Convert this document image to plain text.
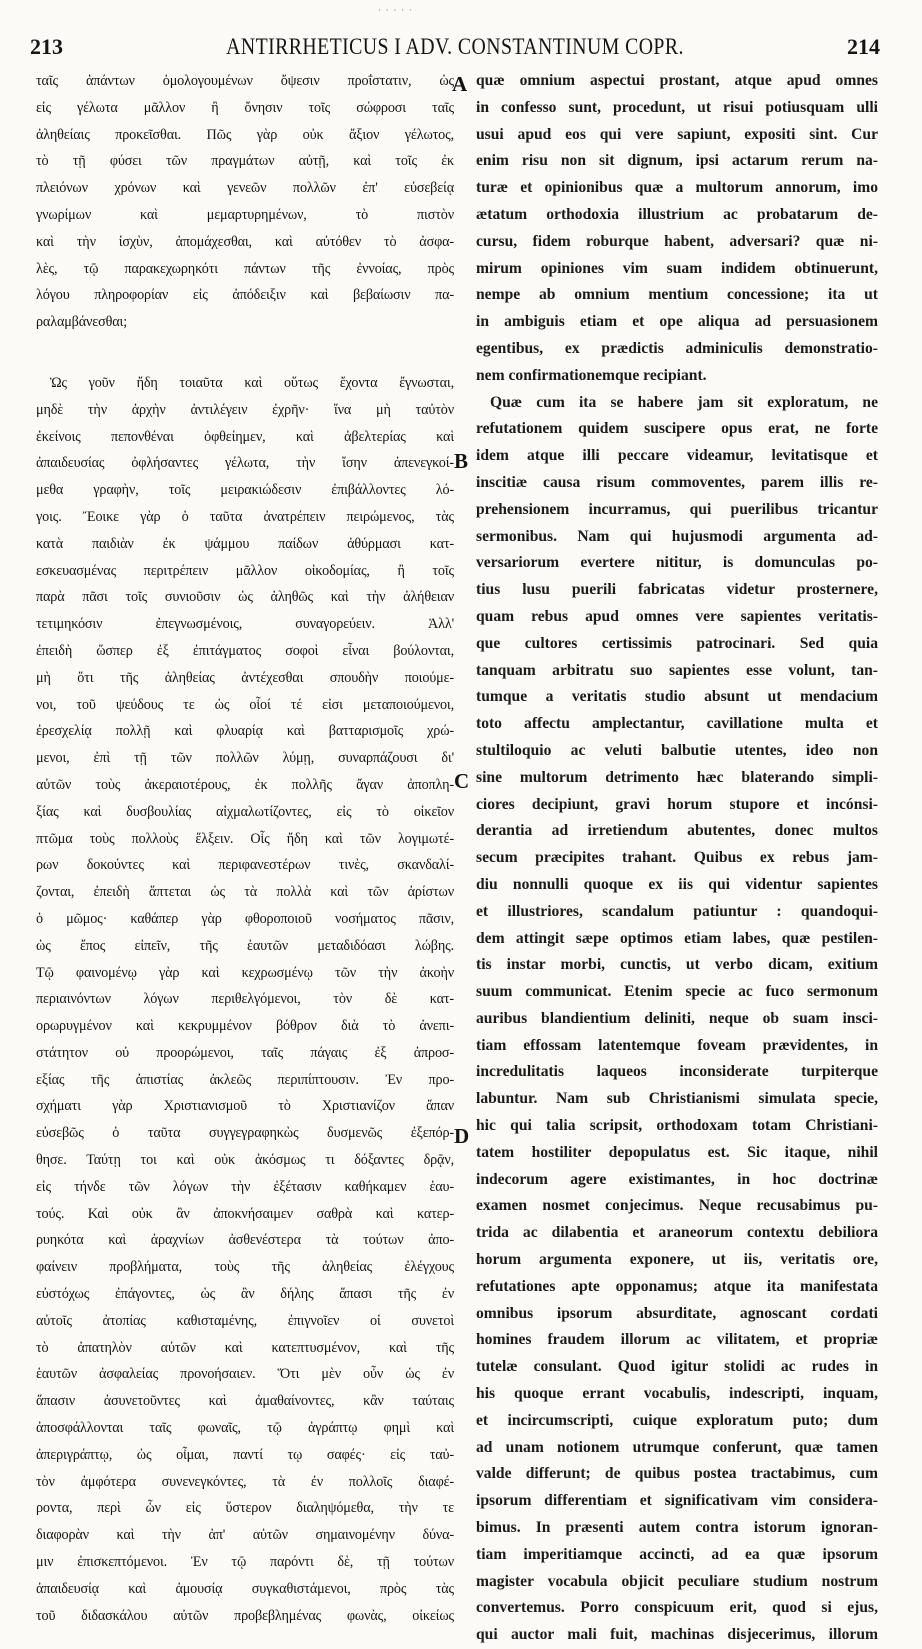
· · · · ·
213	ANTIRRHETICUS I ADV. CONSTANTINUM COPR.	214
ταῖς ἁπάντων ὁμολογουμένων ὄψεσιν προΐστατιν, ὡς
εἰς γέλωτα μᾶλλον ἢ ὄνησιν τοῖς σώφροσι ταῖς
ἀληθείαις προκεῖσθαι. Πῶς γὰρ οὐκ ἄξιον γέλωτος,
τὸ τῇ φύσει τῶν πραγμάτων αὐτῇ, καὶ τοῖς ἐκ
πλειόνων χρόνων καὶ γενεῶν πολλῶν ἐπ' εὐσεβείᾳ
γνωρίμων καὶ μεμαρτυρημένων, τὸ πιστὸν
καὶ τὴν ἰσχὺν, ἀπομάχεσθαι, καὶ αὐτόθεν τὸ ἀσφα-
λὲς, τῷ παρακεχωρηκότι πάντων τῆς ἐννοίας, πρὸς
λόγου πληροφορίαν εἰς ἀπόδειξιν καὶ βεβαίωσιν πα-
ραλαμβάνεσθαι;
Ὡς γοῦν ἤδη τοιαῦτα καὶ οὕτως ἔχοντα ἔγνωσται,
μηδὲ τὴν ἀρχὴν ἀντιλέγειν ἐχρῆν· ἵνα μὴ ταὐτὸν
ἐκείνοις πεπονθέναι ὀφθείημεν, καὶ ἀβελτερίας καὶ
ἀπαιδευσίας ὀφλήσαντες γέλωτα, τὴν ἴσην ἀπενεγκοί-
μεθα γραφὴν, τοῖς μειρακιώδεσιν ἐπιβάλλοντες λό-
γοις. Ἔοικε γὰρ ὁ ταῦτα ἀνατρέπειν πειρώμενος, τὰς
κατὰ παιδιὰν ἐκ ψάμμου παίδων ἀθύρμασι κατ-
εσκευασμένας περιτρέπειν μᾶλλον οἰκοδομίας, ἢ τοῖς
παρὰ πᾶσι τοῖς συνιοῦσιν ὡς ἀληθῶς καὶ τὴν ἀλήθειαν
τετιμηκόσιν ἐπεγνωσμένοις, συναγορεύειν. Ἀλλ'
ἐπειδὴ ὥσπερ ἐξ ἐπιτάγματος σοφοὶ εἶναι βούλονται,
μὴ ὅτι τῆς ἀληθείας ἀντέχεσθαι σπουδὴν ποιούμε-
νοι, τοῦ ψεύδους τε ὡς οἷοί τέ εἰσι μεταποιούμενοι,
ἐρεσχελίᾳ πολλῇ καὶ φλυαρίᾳ καὶ βατταρισμοῖς χρώ-
μενοι, ἐπὶ τῇ τῶν πολλῶν λύμῃ, συναρπάζουσι δι'
αὐτῶν τοὺς ἀκεραιοτέρους, ἐκ πολλῆς ἄγαν ἀποπλη-
ξίας καὶ δυσβουλίας αἰχμαλωτίζοντες, εἰς τὸ οἰκεῖον
πτῶμα τοὺς πολλοὺς ἕλξειν. Οἷς ἤδη καὶ τῶν λογιμωτέ-
ρων δοκούντες καὶ περιφανεστέρων τινὲς, σκανδαλί-
ζονται, ἐπειδὴ ἅπτεται ὡς τὰ πολλὰ καὶ τῶν ἀρίστων
ὁ μῶμος· καθάπερ γὰρ φθοροποιοῦ νοσήματος πᾶσιν,
ὡς ἔπος εἰπεῖν, τῆς ἑαυτῶν μεταδιδόασι λώβης.
Τῷ φαινομένῳ γὰρ καὶ κεχρωσμένῳ τῶν τὴν ἀκοὴν
περιαινόντων λόγων περιθελγόμενοι, τὸν δὲ κατ-
ορωρυγμένον καὶ κεκρυμμένον βόθρον διὰ τὸ ἀνεπι-
στάτητον οὐ προορώμενοι, ταῖς πάγαις ἐξ ἀπροσ-
εξίας τῆς ἀπιστίας ἀκλεῶς περιπίπτουσιν. Ἐν προ-
σχήματι γὰρ Χριστιανισμοῦ τὸ Χριστιανίζον ἅπαν
εὐσεβῶς ὁ ταῦτα συγγεγραφηκὼς δυσμενῶς ἐξεπόρ-
θησε. Ταύτῃ τοι καὶ οὐκ ἀκόσμως τι δόξαντες δρᾷν,
εἰς τήνδε τῶν λόγων τὴν ἐξέτασιν καθήκαμεν ἑαυ-
τούς. Καὶ οὐκ ἂν ἀποκνήσαιμεν σαθρὰ καὶ κατερ-
ρυηκότα καὶ ἀραχνίων ἀσθενέστερα τὰ τούτων ἀπο-
φαίνειν προβλήματα, τοὺς τῆς ἀληθείας ἐλέγχους
εὐστόχως ἐπάγοντες, ὡς ἂν δήλης ἅπασι τῆς ἐν
αὐτοῖς ἀτοπίας καθισταμένης, ἐπιγνοῖεν οἱ συνετοὶ
τὸ ἀπατηλὸν αὐτῶν καὶ κατεπτυσμένον, καὶ τῆς
ἑαυτῶν ἀσφαλείας προνοήσαιεν. Ὅτι μὲν οὖν ὡς ἐν
ἅπασιν ἀσυνετοῦντες καὶ ἀμαθαίνοντες, κἂν ταύταις
ἀποσφάλλονται ταῖς φωναῖς, τῷ ἀγράπτῳ φημὶ καὶ
ἀπεριγράπτῳ, ὡς οἶμαι, παντί τῳ σαφές· εἰς ταὐ-
τὸν ἀμφότερα συνενεγκόντες, τὰ ἐν πολλοῖς διαφέ-
ροντα, περὶ ὧν εἰς ὕστερον διαληψόμεθα, τὴν τε
διαφορὰν καὶ τὴν ἀπ' αὐτῶν σημαινομένην δύνα-
μιν ἐπισκεπτόμενοι. Ἐν τῷ παρόντι δὲ, τῇ τούτων
ἀπαιδευσίᾳ καὶ ἀμουσίᾳ συγκαθιστάμενοι, πρὸς τὰς
τοῦ διδασκάλου αὐτῶν προβεβλημένας φωνὰς, οἰκείως
quæ omnium aspectui prostant, atque apud omnes
in confesso sunt, procedunt, ut risui potiusquam ulli
usui apud eos qui vere sapiunt, expositi sint. Cur
enim risu non sit dignum, ipsi actarum rerum na-
turæ et opinionibus quæ a multorum annorum, imo
ætatum orthodoxia illustrium ac probatarum de-
cursu, fidem roburque habent, adversari? quæ ni-
mirum opiniones vim suam indidem obtinuerunt,
nempe ab omnium mentium concessione; ita ut
in ambiguis etiam et ope aliqua ad persuasionem
egentibus, ex prædictis adminiculis demonstratio-
nem confirmationemque recipiant.
Quæ cum ita se habere jam sit exploratum, ne
refutationem quidem suscipere opus erat, ne forte
idem atque illi peccare videamur, levitatisque et
inscitiæ causa risum commoventes, parem illis re-
prehensionem incurramus, qui puerilibus tricantur
sermonibus. Nam qui hujusmodi argumenta ad-
versariorum evertere nititur, is domunculas po-
tius lusu puerili fabricatas videtur prosternere,
quam rebus apud omnes vere sapientes veritatis-
que cultores certissimis patrocinari. Sed quia
tanquam arbitratu suo sapientes esse volunt, tan-
tumque a veritatis studio absunt ut mendacium
toto affectu amplectantur, cavillatione multa et
stultiloquio ac veluti balbutie utentes, ideo non
sine multorum detrimento hæc blaterando simpli-
ciores decipiunt, gravi horum stupore et incónsi-
derantia ad irretiendum abutentes, donec multos
secum præcipites trahant. Quibus ex rebus jam-
diu nonnulli quoque ex iis qui videntur sapientes
et illustriores, scandalum patiuntur : quandoqui-
dem attingit sæpe optimos etiam labes, quæ pestilen-
tis instar morbi, cunctis, ut verbo dicam, exitium
suum communicat. Etenim specie ac fuco sermonum
auribus blandientium deliniti, neque ob suam insci-
tiam effossam latentemque foveam prævidentes, in
incredulitatis laqueos inconsiderate turpiterque
labuntur. Nam sub Christianismi simulata specie,
hic qui talia scripsit, orthodoxam totam Christiani-
tatem hostiliter depopulatus est. Sic itaque, nihil
indecorum agere existimantes, in hoc doctrinæ
examen nosmet conjecimus. Neque recusabimus pu-
trida ac dilabentia et araneorum contextu debiliora
horum argumenta exponere, ut iis, veritatis ore,
refutationes apte opponamus; atque ita manifestata
omnibus ipsorum absurditate, agnoscant cordati
homines fraudem illorum ac vilitatem, et propriæ
tutelæ consulant. Quod igitur stolidi ac rudes in
his quoque errant vocabulis, indescripti, inquam,
et incircumscripti, cuique exploratum puto; dum
ad unam notionem utrumque conferunt, quæ tamen
valde differunt; de quibus postea tractabimus, cum
ipsorum differentiam et significativam vim considera-
bimus. In præsenti autem contra istorum ignoran-
tiam imperitiamque accincti, ad ea quæ ipsorum
magister vocabula objicit peculiare studium nostrum
convertemus. Porro conspicuum erit, quod si ejus,
qui auctor mali fuit, machinas disjecerimus, illorum
A
B
C
D
